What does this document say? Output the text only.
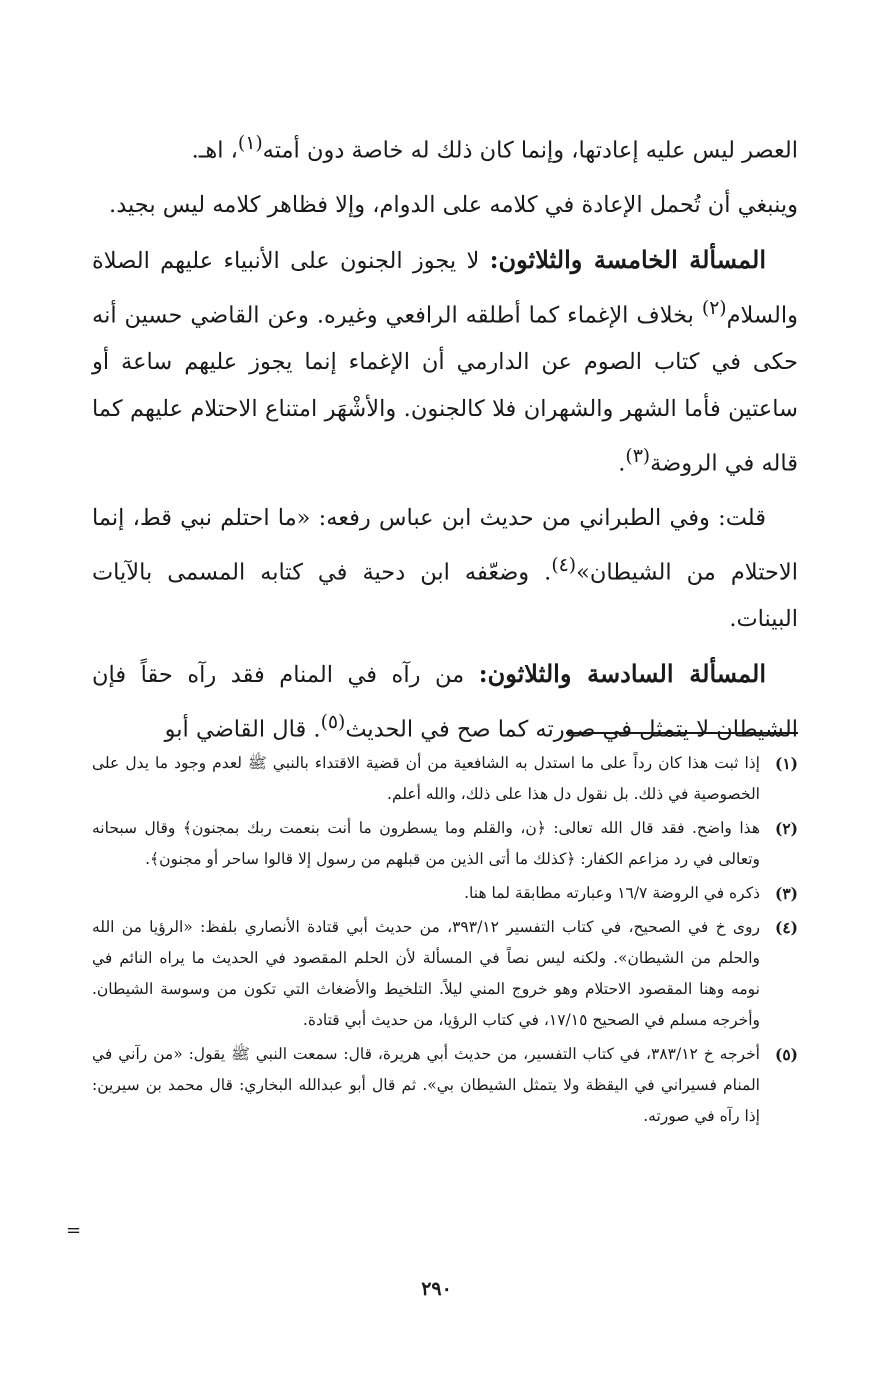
العصر ليس عليه إعادتها، وإنما كان ذلك له خاصة دون أمته$^{(١)}$، اهـ.

وينبغي أن تُحمل الإعادة في كلامه على الدوام، وإلا فظاهر كلامه ليس بجيد.

المسألة الخامسة والثلاثون: لا يجوز الجنون على الأنبياء عليهم الصلاة والسلام$^{(٢)}$ بخلاف الإغماء كما أطلقه الرافعي وغيره. وعن القاضي حسين أنه حكى في كتاب الصوم عن الدارمي أن الإغماء إنما يجوز عليهم ساعة أو ساعتين فأما الشهر والشهران فلا كالجنون. والأشْهَر امتناع الاحتلام عليهم كما قاله في الروضة$^{(٣)}$.

قلت: وفي الطبراني من حديث ابن عباس رفعه: «ما احتلم نبي قط، إنما الاحتلام من الشيطان»$^{(٤)}$. وضعّفه ابن دحية في كتابه المسمى بالآيات البينات.

المسألة السادسة والثلاثون: من رآه في المنام فقد رآه حقاً فإن الشيطان لا يتمثل في صورته كما صح في الحديث$^{(٥)}$. قال القاضي أبو

(١)
إذا ثبت هذا كان رداً على ما استدل به الشافعية من أن قضية الاقتداء بالنبي ﷺ لعدم وجود ما يدل على الخصوصية في ذلك. بل نقول دل هذا على ذلك، والله أعلم.
(٢)
هذا واضح. فقد قال الله تعالى: ﴿ن، والقلم وما يسطرون ما أنت بنعمت ربك بمجنون﴾ وقال سبحانه وتعالى في رد مزاعم الكفار: ﴿كذلك ما أتى الذين من قبلهم من رسول إلا قالوا ساحر أو مجنون﴾.
(٣)
ذكره في الروضة ١٦/٧ وعبارته مطابقة لما هنا.
(٤)
روى خ في الصحيح، في كتاب التفسير ٣٩٣/١٢، من حديث أبي قتادة الأنصاري بلفظ: «الرؤيا من الله والحلم من الشيطان». ولكنه ليس نصاً في المسألة لأن الحلم المقصود في الحديث ما يراه النائم في نومه وهنا المقصود الاحتلام وهو خروج المني ليلاً. التلخيط والأضغاث التي تكون من وسوسة الشيطان. وأخرجه مسلم في الصحيح ١٧/١٥، في كتاب الرؤيا، من حديث أبي قتادة.
(٥)
أخرجه خ ٣٨٣/١٢، في كتاب التفسير، من حديث أبي هريرة، قال: سمعت النبي ﷺ يقول: «من رآني في المنام فسيراني في اليقظة ولا يتمثل الشيطان بي». ثم قال أبو عبدالله البخاري: قال محمد بن سيرين: إذا رآه في صورته.
=
٢٩٠
